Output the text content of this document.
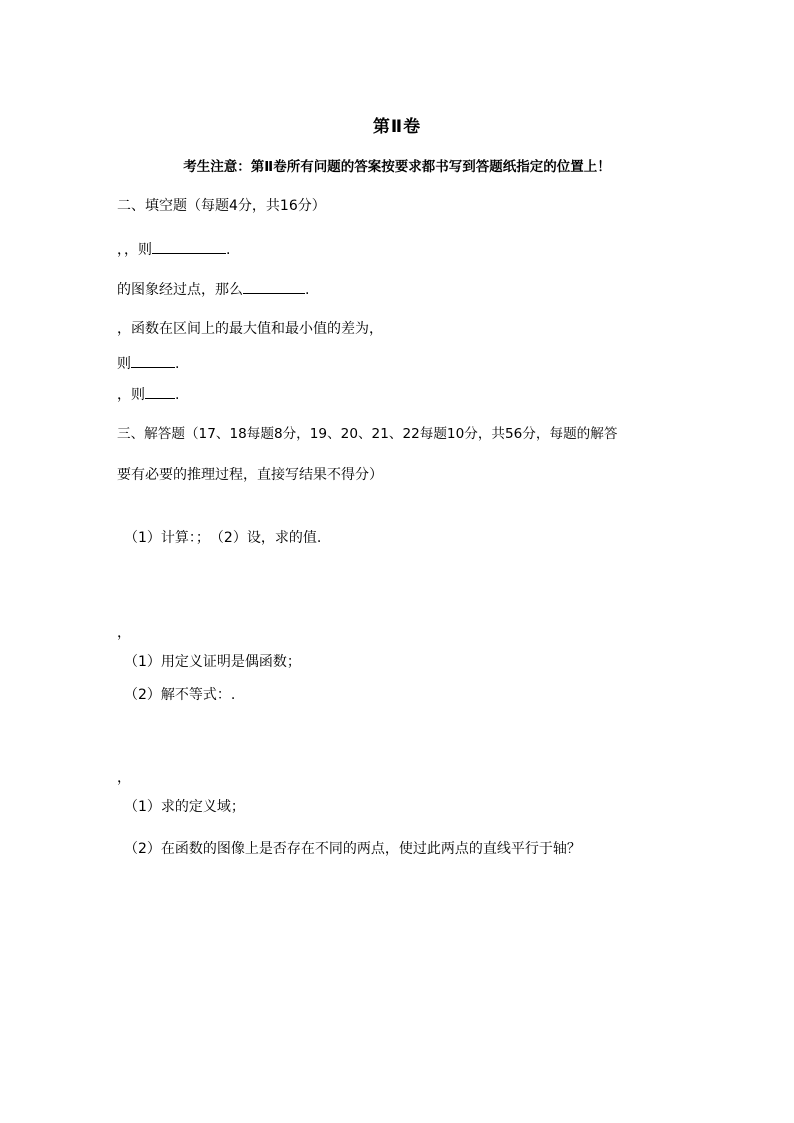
第Ⅱ卷
考生注意：第Ⅱ卷所有问题的答案按要求都书写到答题纸指定的位置上！
二、填空题（每题4分，共16分）
，，则	.
的图象经过点，那么	.
，函数在区间上的最大值和最小值的差为，
则	.
，则 .
三、解答题（17、18每题8分，19、20、21、22每题10分，共56分，每题的解答
要有必要的推理过程，直接写结果不得分）
（1）计算：；　（2）设，求的值.
，
（1）用定义证明是偶函数；
（2）解不等式：.
，
（1）求的定义域；
（2）在函数的图像上是否存在不同的两点，使过此两点的直线平行于轴？
